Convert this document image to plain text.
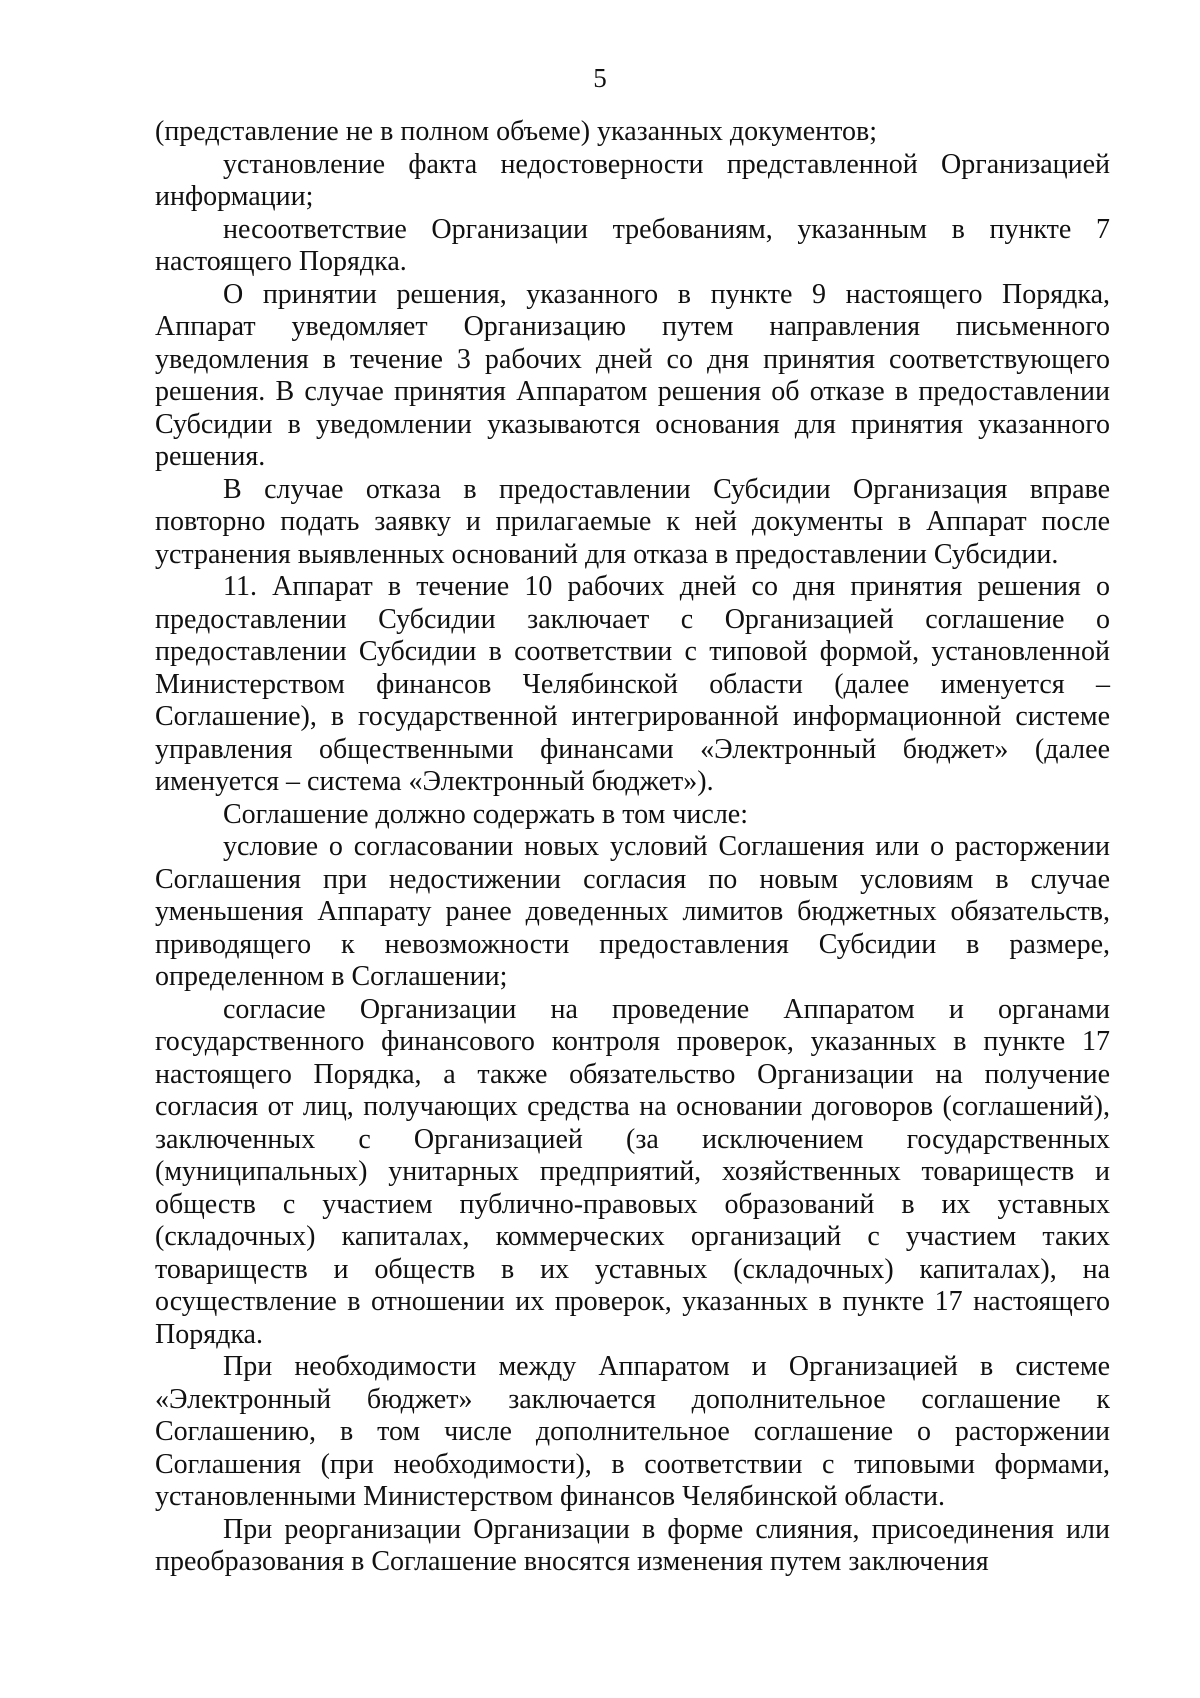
5

(представление не в полном объеме) указанных документов;

установление факта недостоверности представленной Организацией информации;

несоответствие Организации требованиям, указанным в пункте 7 настоящего Порядка.

О принятии решения, указанного в пункте 9 настоящего Порядка, Аппарат уведомляет Организацию путем направления письменного уведомления в течение 3 рабочих дней со дня принятия соответствующего решения. В случае принятия Аппаратом решения об отказе в предоставлении Субсидии в уведомлении указываются основания для принятия указанного решения.

В случае отказа в предоставлении Субсидии Организация вправе повторно подать заявку и прилагаемые к ней документы в Аппарат после устранения выявленных оснований для отказа в предоставлении Субсидии.

11. Аппарат в течение 10 рабочих дней со дня принятия решения о предоставлении Субсидии заключает с Организацией соглашение о предоставлении Субсидии в соответствии с типовой формой, установленной Министерством финансов Челябинской области (далее именуется – Соглашение), в государственной интегрированной информационной системе управления общественными финансами «Электронный бюджет» (далее именуется – система «Электронный бюджет»).

Соглашение должно содержать в том числе:

условие о согласовании новых условий Соглашения или о расторжении Соглашения при недостижении согласия по новым условиям в случае уменьшения Аппарату ранее доведенных лимитов бюджетных обязательств, приводящего к невозможности предоставления Субсидии в размере, определенном в Соглашении;

согласие Организации на проведение Аппаратом и органами государственного финансового контроля проверок, указанных в пункте 17 настоящего Порядка, а также обязательство Организации на получение согласия от лиц, получающих средства на основании договоров (соглашений), заключенных с Организацией (за исключением государственных (муниципальных) унитарных предприятий, хозяйственных товариществ и обществ с участием публично-правовых образований в их уставных (складочных) капиталах, коммерческих организаций с участием таких товариществ и обществ в их уставных (складочных) капиталах), на осуществление в отношении их проверок, указанных в пункте 17 настоящего Порядка.

При необходимости между Аппаратом и Организацией в системе «Электронный бюджет» заключается дополнительное соглашение к Соглашению, в том числе дополнительное соглашение о расторжении Соглашения (при необходимости), в соответствии с типовыми формами, установленными Министерством финансов Челябинской области.

При реорганизации Организации в форме слияния, присоединения или преобразования в Соглашение вносятся изменения путем заключения
